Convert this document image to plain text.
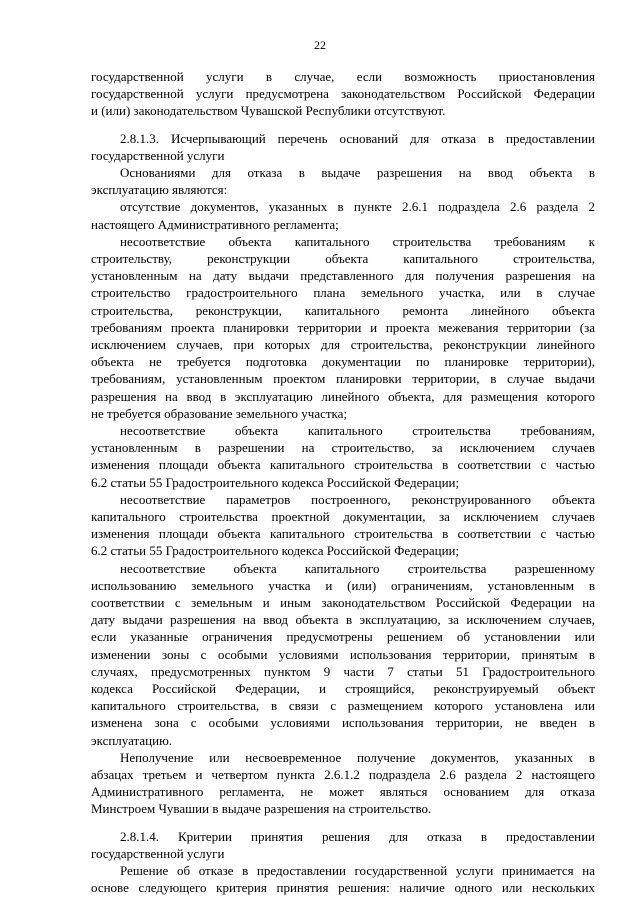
22
государственной услуги в случае, если возможность приостановления
государственной услуги предусмотрена законодательством Российской Федерации
и (или) законодательством Чувашской Республики отсутствуют.
2.8.1.3. Исчерпывающий перечень оснований для отказа в предоставлении
государственной услуги
Основаниями для отказа в выдаче разрешения на ввод объекта в
эксплуатацию являются:
отсутствие документов, указанных в пункте 2.6.1 подраздела 2.6 раздела 2
настоящего Административного регламента;
несоответствие объекта капитального строительства требованиям к
строительству, реконструкции объекта капитального строительства,
установленным на дату выдачи представленного для получения разрешения на
строительство градостроительного плана земельного участка, или в случае
строительства, реконструкции, капитального ремонта линейного объекта
требованиям проекта планировки территории и проекта межевания территории (за
исключением случаев, при которых для строительства, реконструкции линейного
объекта не требуется подготовка документации по планировке территории),
требованиям, установленным проектом планировки территории, в случае выдачи
разрешения на ввод в эксплуатацию линейного объекта, для размещения которого
не требуется образование земельного участка;
несоответствие объекта капитального строительства требованиям,
установленным в разрешении на строительство, за исключением случаев
изменения площади объекта капитального строительства в соответствии с частью
6.2 статьи 55 Градостроительного кодекса Российской Федерации;
несоответствие параметров построенного, реконструированного объекта
капитального строительства проектной документации, за исключением случаев
изменения площади объекта капитального строительства в соответствии с частью
6.2 статьи 55 Градостроительного кодекса Российской Федерации;
несоответствие объекта капитального строительства разрешенному
использованию земельного участка и (или) ограничениям, установленным в
соответствии с земельным и иным законодательством Российской Федерации на
дату выдачи разрешения на ввод объекта в эксплуатацию, за исключением случаев,
если указанные ограничения предусмотрены решением об установлении или
изменении зоны с особыми условиями использования территории, принятым в
случаях, предусмотренных пунктом 9 части 7 статьи 51 Градостроительного
кодекса Российской Федерации, и строящийся, реконструируемый объект
капитального строительства, в связи с размещением которого установлена или
изменена зона с особыми условиями использования территории, не введен в
эксплуатацию.
Неполучение или несвоевременное получение документов, указанных в
абзацах третьем и четвертом пункта 2.6.1.2 подраздела 2.6 раздела 2 настоящего
Административного регламента, не может являться основанием для отказа
Минстроем Чувашии в выдаче разрешения на строительство.
2.8.1.4. Критерии принятия решения для отказа в предоставлении
государственной услуги
Решение об отказе в предоставлении государственной услуги принимается на
основе следующего критерия принятия решения: наличие одного или нескольких
